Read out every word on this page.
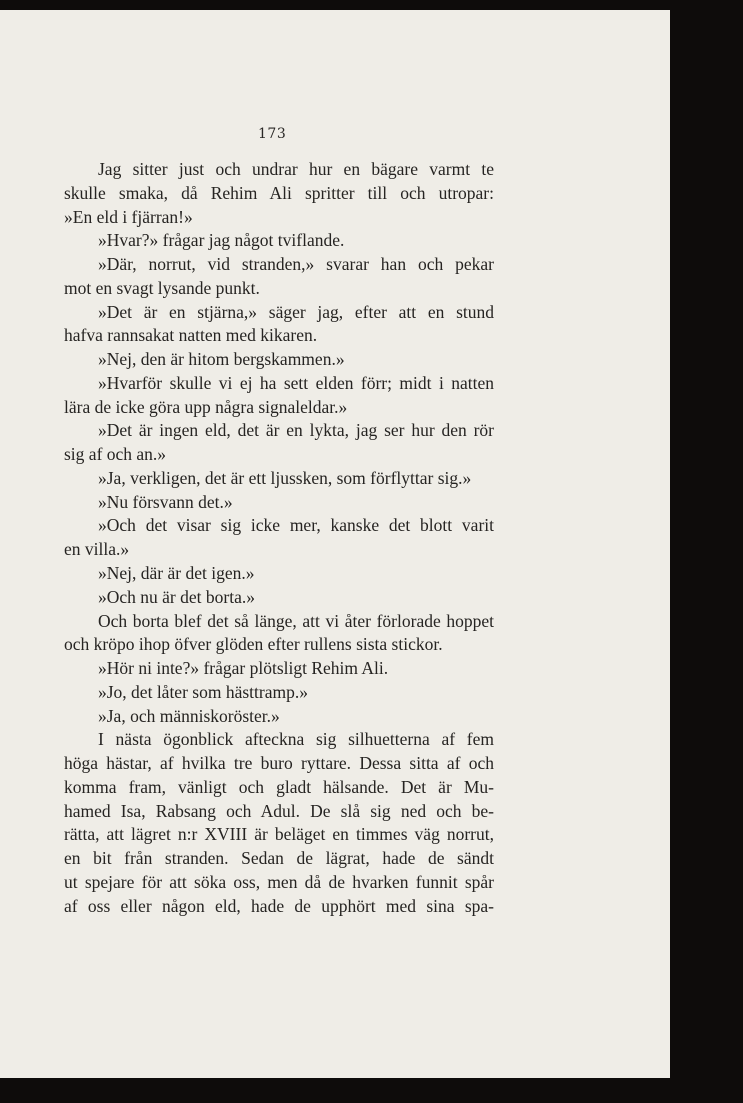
173
Jag sitter just och undrar hur en bägare varmt te
skulle smaka, då Rehim Ali spritter till och utropar:
»En eld i fjärran!»
»Hvar?» frågar jag något tviflande.
»Där, norrut, vid stranden,» svarar han och pekar
mot en svagt lysande punkt.
»Det är en stjärna,» säger jag, efter att en stund
hafva rannsakat natten med kikaren.
»Nej, den är hitom bergskammen.»
»Hvarför skulle vi ej ha sett elden förr; midt i natten
lära de icke göra upp några signaleldar.»
»Det är ingen eld, det är en lykta, jag ser hur den rör
sig af och an.»
»Ja, verkligen, det är ett ljussken, som förflyttar sig.»
»Nu försvann det.»
»Och det visar sig icke mer, kanske det blott varit
en villa.»
»Nej, där är det igen.»
»Och nu är det borta.»
Och borta blef det så länge, att vi åter förlorade hoppet
och kröpo ihop öfver glöden efter rullens sista stickor.
»Hör ni inte?» frågar plötsligt Rehim Ali.
»Jo, det låter som hästtramp.»
»Ja, och människoröster.»
I nästa ögonblick afteckna sig silhuetterna af fem
höga hästar, af hvilka tre buro ryttare. Dessa sitta af och
komma fram, vänligt och gladt hälsande. Det är Mu-
hamed Isa, Rabsang och Adul. De slå sig ned och be-
rätta, att lägret n:r XVIII är beläget en timmes väg norrut,
en bit från stranden. Sedan de lägrat, hade de sändt
ut spejare för att söka oss, men då de hvarken funnit spår
af oss eller någon eld, hade de upphört med sina spa-
